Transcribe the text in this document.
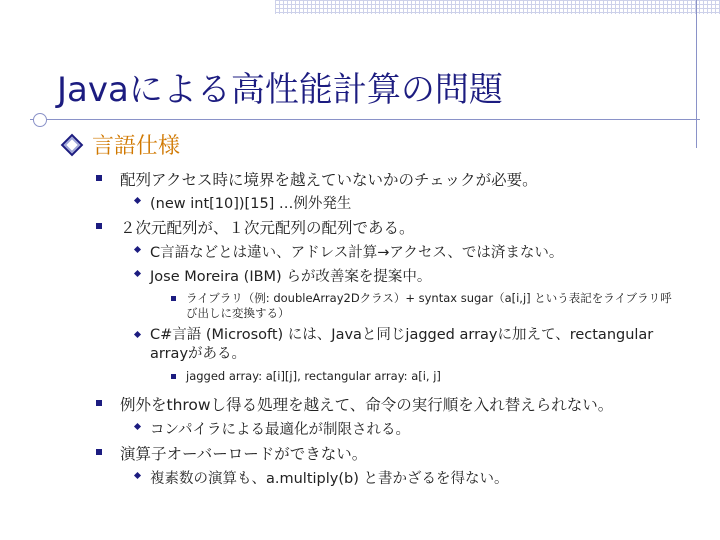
Javaによる高性能計算の問題
言語仕様
配列アクセス時に境界を越えていないかのチェックが必要。
(new int[10])[15] …例外発生
２次元配列が、１次元配列の配列である。
C言語などとは違い、アドレス計算→アクセス、では済まない。
Jose Moreira (IBM) らが改善案を提案中。
ライブラリ（例: doubleArray2Dクラス）+ syntax sugar（a[i,j] という表記をライブラリ呼
び出しに変換する）
C#言語 (Microsoft) には、Javaと同じjagged arrayに加えて、rectangular
arrayがある。
jagged array: a[i][j], rectangular array: a[i, j]
例外をthrowし得る処理を越えて、命令の実行順を入れ替えられない。
コンパイラによる最適化が制限される。
演算子オーバーロードができない。
複素数の演算も、a.multiply(b) と書かざるを得ない。
